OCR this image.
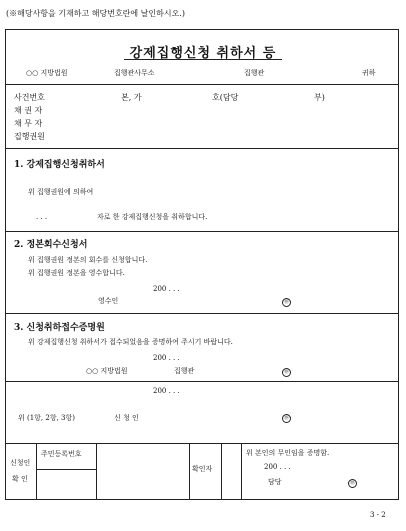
(※해당사항을 기재하고 해당번호란에 날인하시오.)
강제집행신청 취하서 등
○○ 지방법원	집행관사무소	집행관	귀하
사건번호	본, 가	호(담당	부)
채 권 자
채 무 자
집행권원
1. 강제집행신청취하서
위 집행권원에 의하여
. . .	자로 한 강제집행신청을 취하합니다.
2. 정본회수신청서
위 집행권원 정본의 회수를 신청합니다.
위 집행권원 정본을 영수합니다.
200 . . .
영수인	㊞
3. 신청취하접수증명원
위 강제집행신청 취하서가 접수되었음을 증명하여 주시기 바랍니다.
200 . . .
○○ 지방법원	집행관	㊞
200 . . .
위 (1항, 2항, 3항)	신 청 인	㊞
신청인
확 인
주민등록번호
확인자
위 본인의 무인임을 증명함.
200 . . .
담당	㊞
3 - 2
